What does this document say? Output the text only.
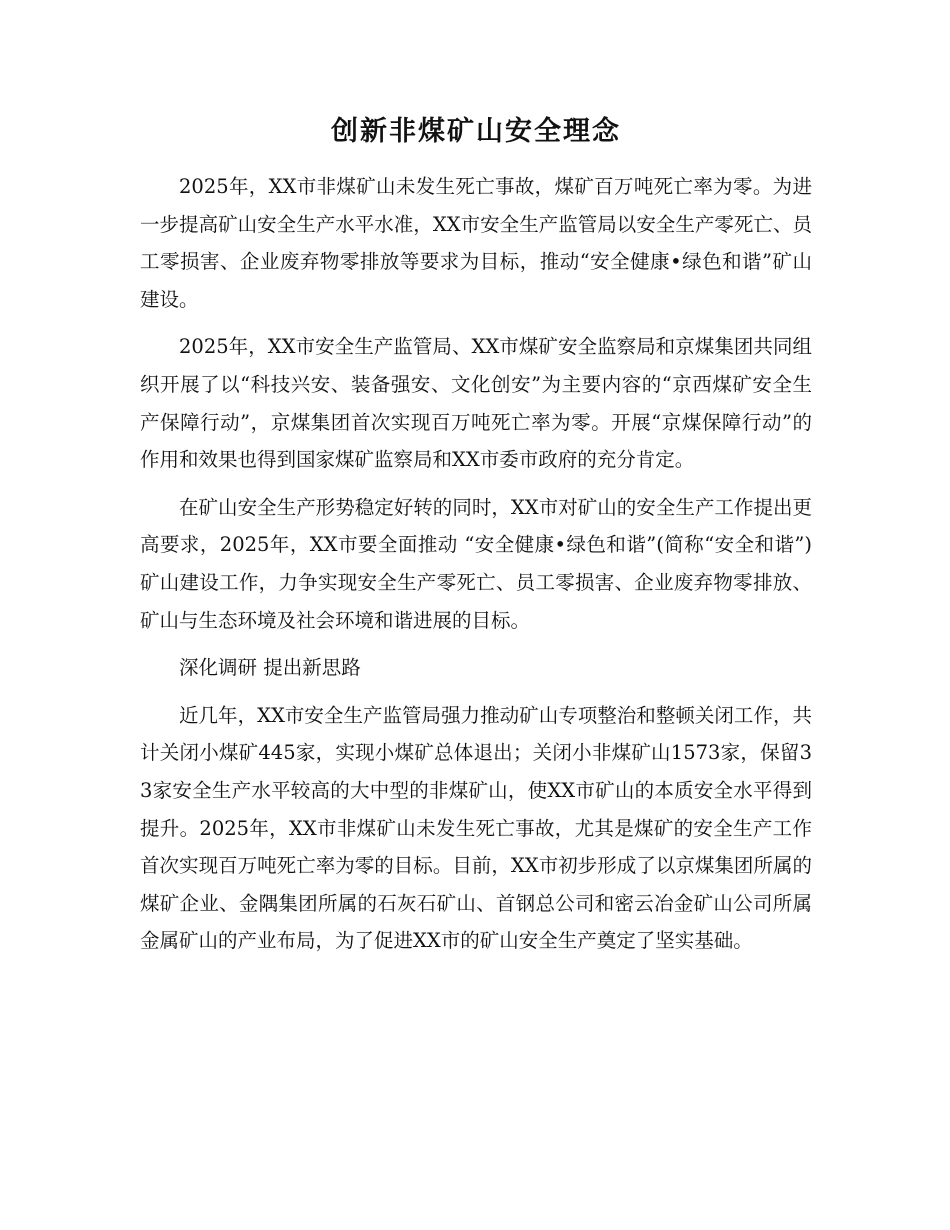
创新非煤矿山安全理念

2025年，XX市非煤矿山未发生死亡事故，煤矿百万吨死亡率为零。为进一步提高矿山安全生产水平水准，XX市安全生产监管局以安全生产零死亡、员工零损害、企业废弃物零排放等要求为目标，推动“安全健康•绿色和谐”矿山建设。

2025年，XX市安全生产监管局、XX市煤矿安全监察局和京煤集团共同组织开展了以“科技兴安、装备强安、文化创安”为主要内容的“京西煤矿安全生产保障行动”，京煤集团首次实现百万吨死亡率为零。开展“京煤保障行动”的作用和效果也得到国家煤矿监察局和XX市委市政府的充分肯定。

在矿山安全生产形势稳定好转的同时，XX市对矿山的安全生产工作提出更高要求，2025年，XX市要全面推动 “安全健康•绿色和谐”(简称“安全和谐”)矿山建设工作，力争实现安全生产零死亡、员工零损害、企业废弃物零排放、矿山与生态环境及社会环境和谐进展的目标。

深化调研 提出新思路

近几年，XX市安全生产监管局强力推动矿山专项整治和整顿关闭工作，共计关闭小煤矿445家，实现小煤矿总体退出；关闭小非煤矿山1573家，保留33家安全生产水平较高的大中型的非煤矿山，使XX市矿山的本质安全水平得到提升。2025年，XX市非煤矿山未发生死亡事故，尤其是煤矿的安全生产工作首次实现百万吨死亡率为零的目标。目前，XX市初步形成了以京煤集团所属的煤矿企业、金隅集团所属的石灰石矿山、首钢总公司和密云冶金矿山公司所属金属矿山的产业布局，为了促进XX市的矿山安全生产奠定了坚实基础。
